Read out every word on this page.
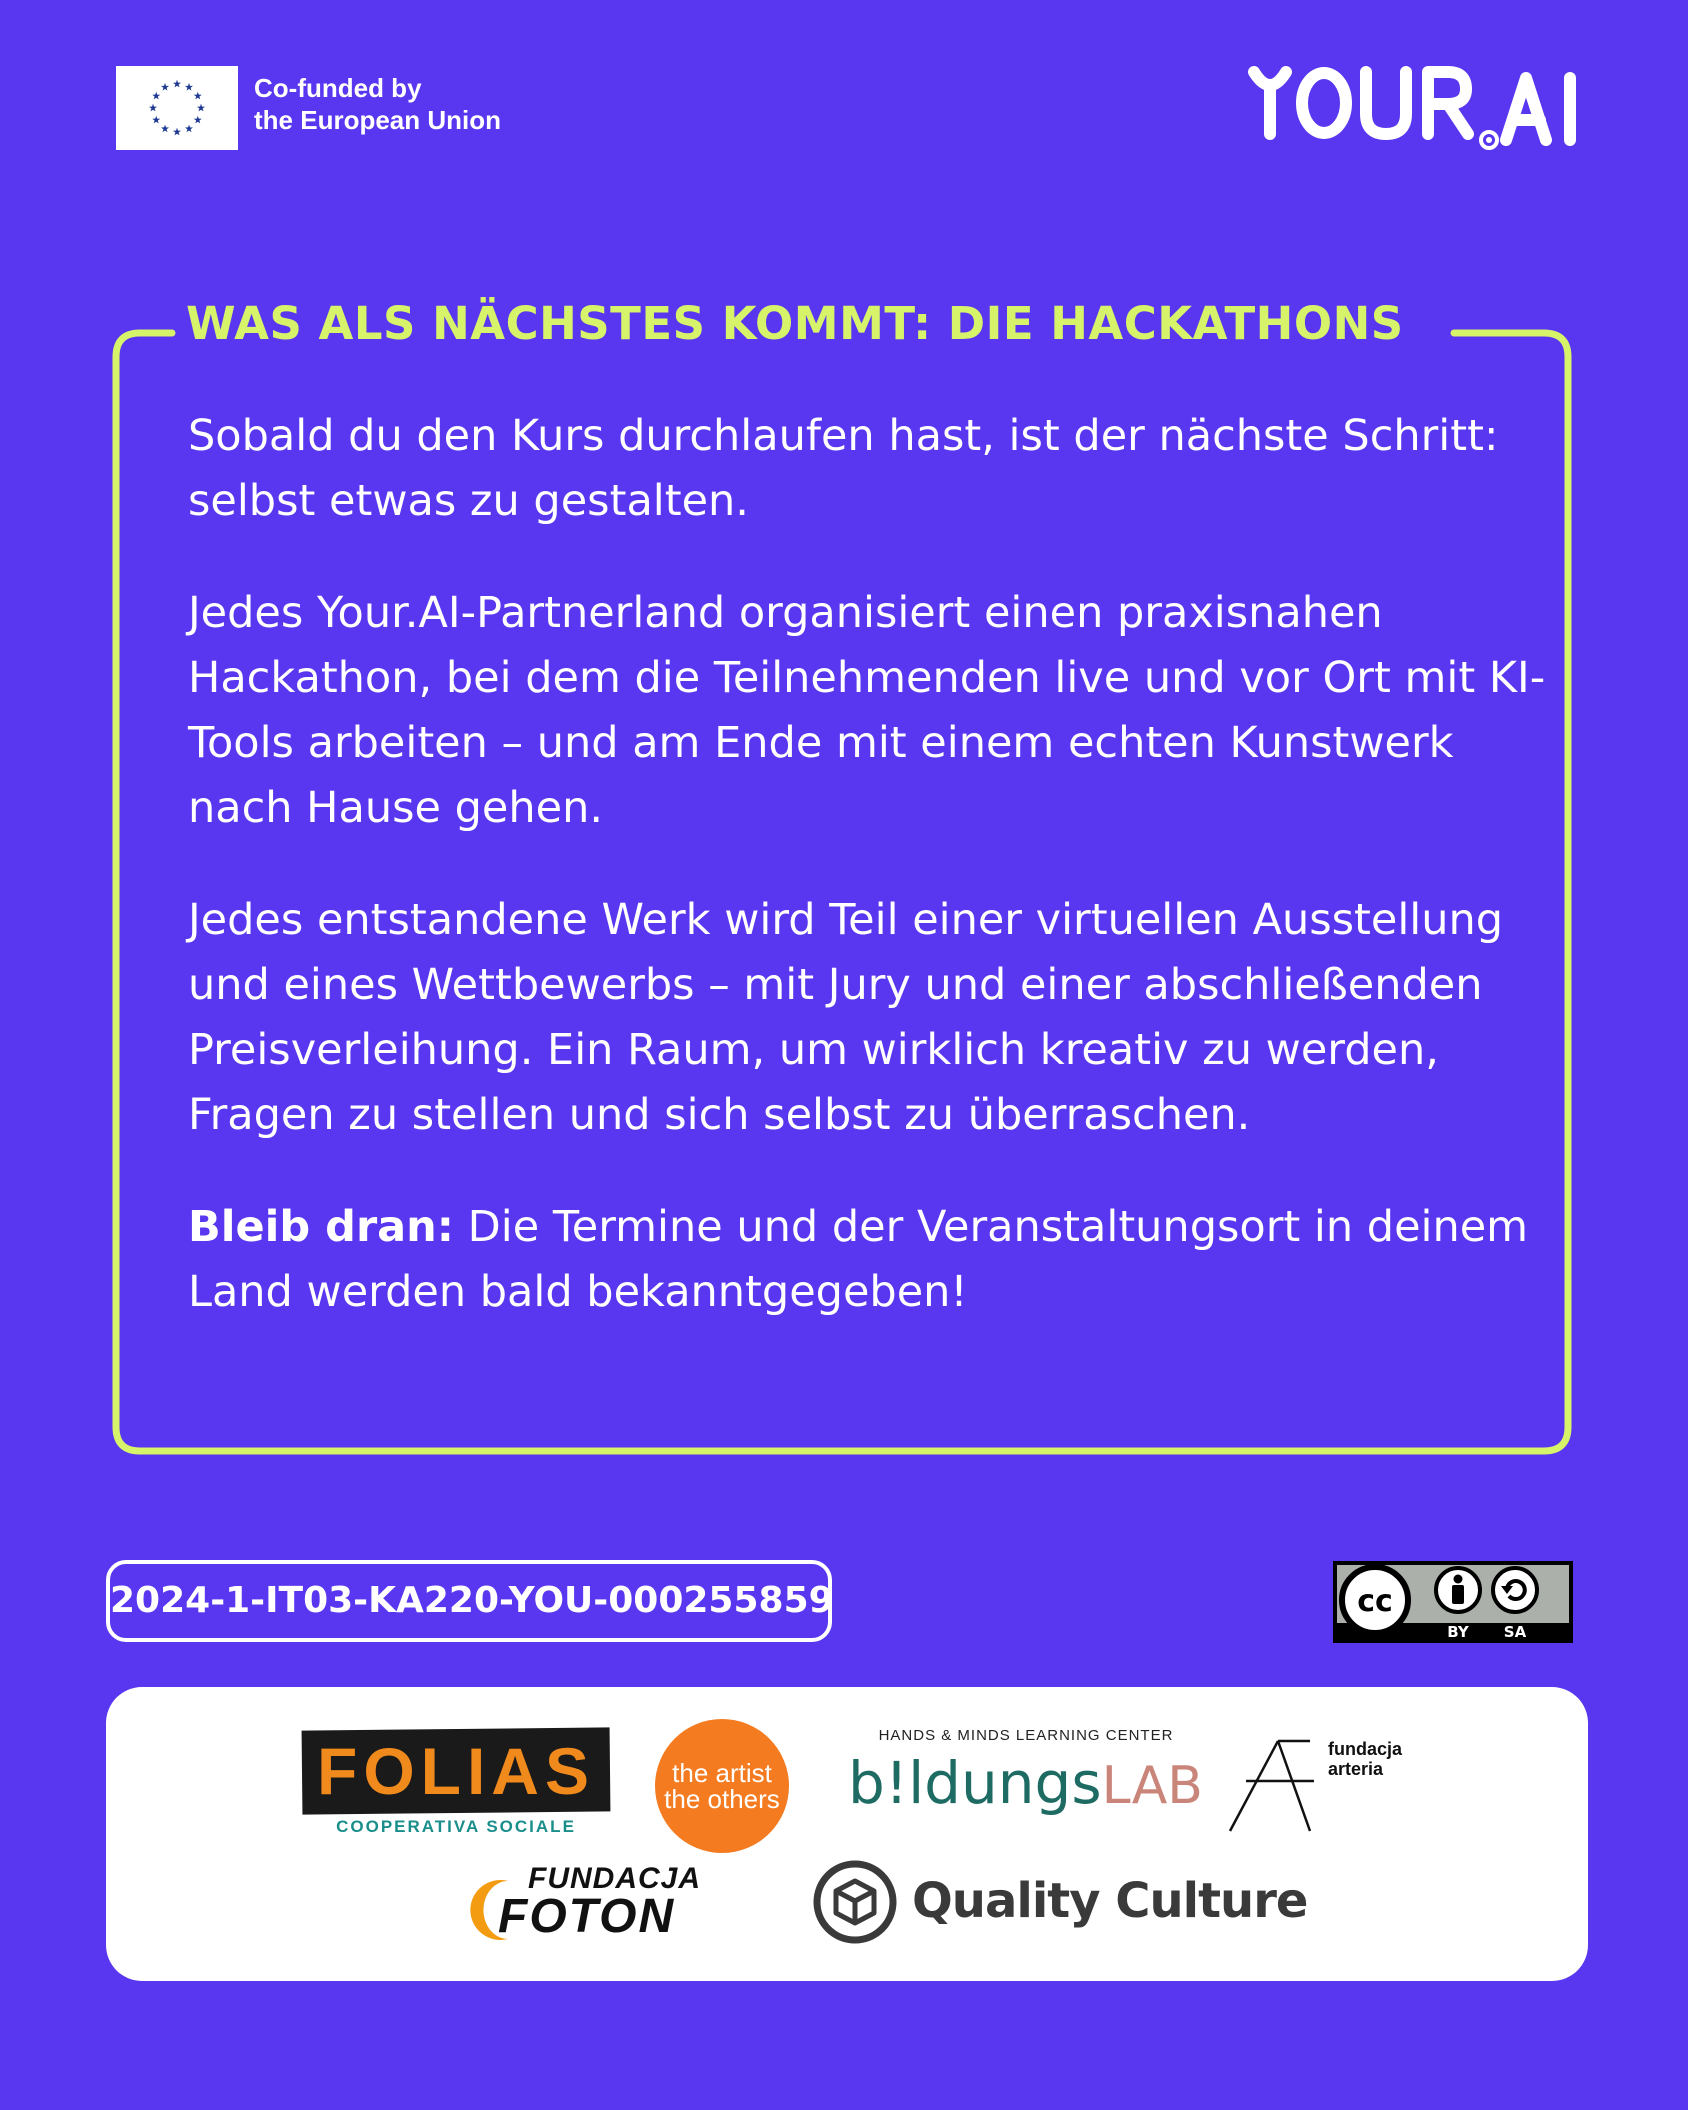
Co-funded by
the European Union
WAS ALS NÄCHSTES KOMMT: DIE HACKATHONS

Sobald du den Kurs durchlaufen hast, ist der nächste Schritt: selbst etwas zu gestalten.

Jedes Your.AI-Partnerland organisiert einen praxisnahen Hackathon, bei dem die Teilnehmenden live und vor Ort mit KI-Tools arbeiten – und am Ende mit einem echten Kunstwerk nach Hause gehen.

Jedes entstandene Werk wird Teil einer virtuellen Ausstellung und eines Wettbewerbs – mit Jury und einer abschließenden Preisverleihung. Ein Raum, um wirklich kreativ zu werden, Fragen zu stellen und sich selbst zu überraschen.

Bleib dran: Die Termine und der Veranstaltungsort in deinem Land werden bald bekanntgegeben!

2024-1-IT03-KA220-YOU-000255859	cc
BY SA
FOLIAS
COOPERATIVA SOCIALE
the artist
the others
HANDS & MINDS LEARNING CENTER
b!ldungsLAB
fundacja
arteria
FUNDACJA
FOTON	Quality Culture
